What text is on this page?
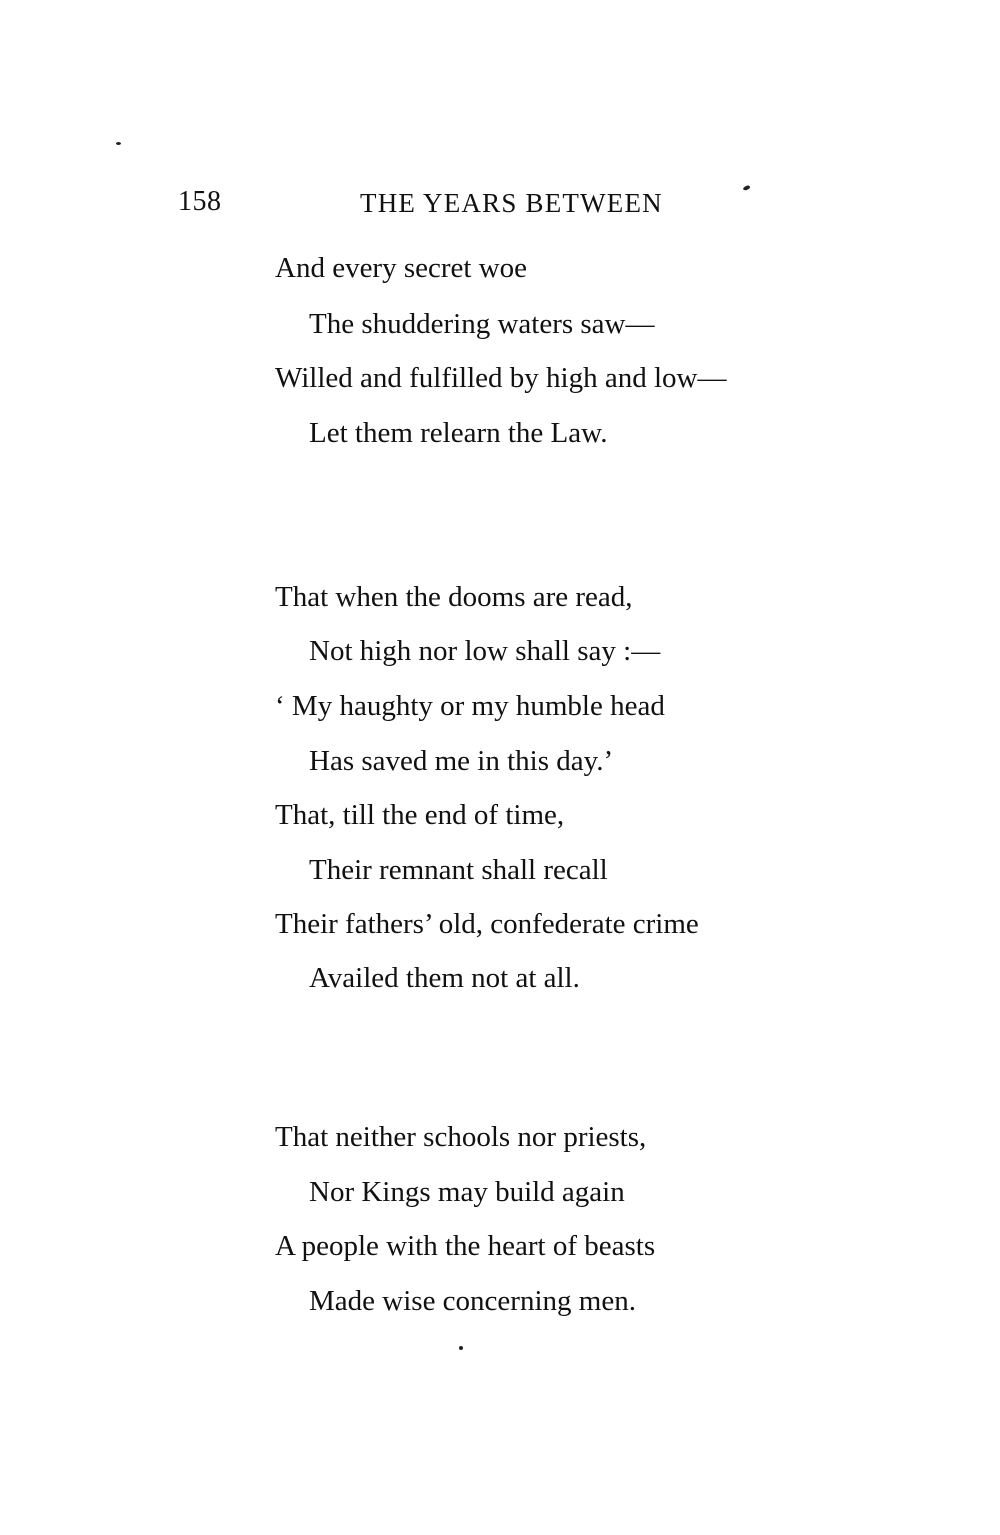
158	THE YEARS BETWEEN
And every secret woe
The shuddering waters saw—
Willed and fulfilled by high and low—
Let them relearn the Law.
That when the dooms are read,
Not high nor low shall say :—
‘ My haughty or my humble head
Has saved me in this day.’
That, till the end of time,
Their remnant shall recall
Their fathers’ old, confederate crime
Availed them not at all.
That neither schools nor priests,
Nor Kings may build again
A people with the heart of beasts
Made wise concerning men.
